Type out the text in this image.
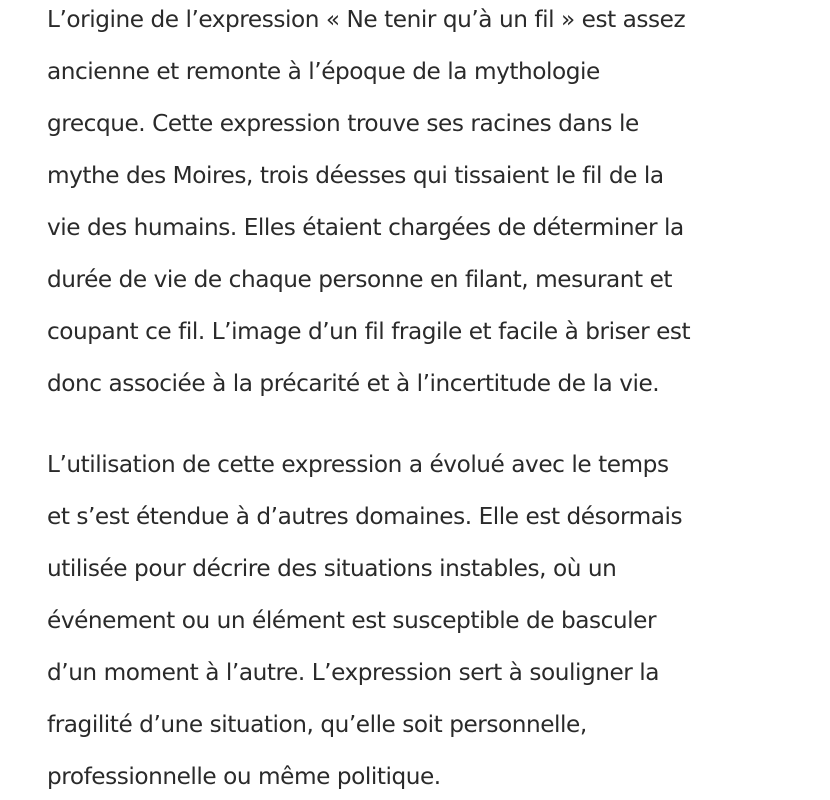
L’origine de l’expression « Ne tenir qu’à un fil » est assez
ancienne et remonte à l’époque de la mythologie
grecque. Cette expression trouve ses racines dans le
mythe des Moires, trois déesses qui tissaient le fil de la
vie des humains. Elles étaient chargées de déterminer la
durée de vie de chaque personne en filant, mesurant et
coupant ce fil. L’image d’un fil fragile et facile à briser est
donc associée à la précarité et à l’incertitude de la vie.

L’utilisation de cette expression a évolué avec le temps
et s’est étendue à d’autres domaines. Elle est désormais
utilisée pour décrire des situations instables, où un
événement ou un élément est susceptible de basculer
d’un moment à l’autre. L’expression sert à souligner la
fragilité d’une situation, qu’elle soit personnelle,
professionnelle ou même politique.
